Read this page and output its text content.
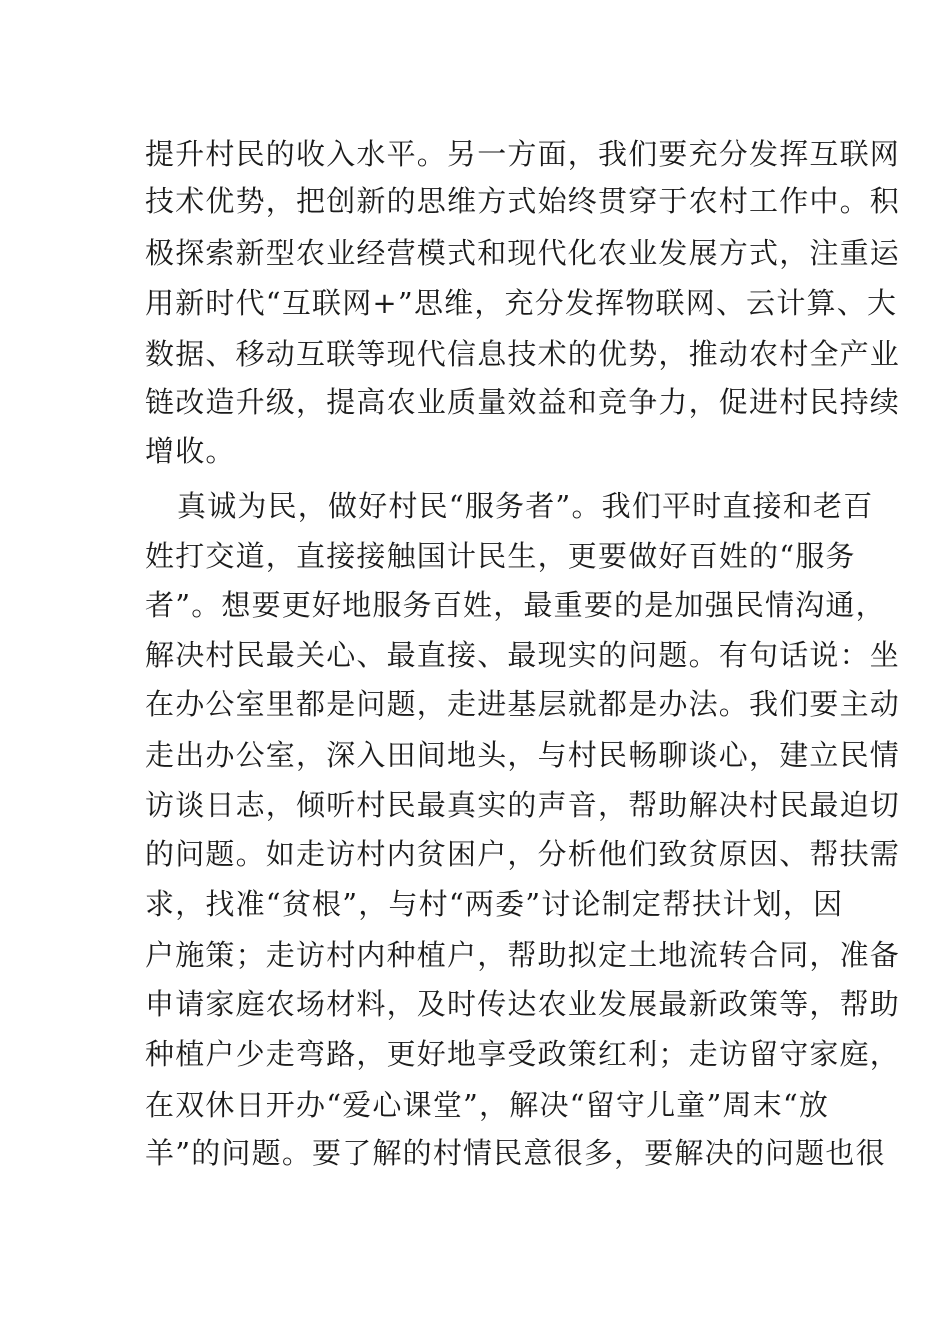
提升村民的收入水平。另一方面，我们要充分发挥互联网
技术优势，把创新的思维方式始终贯穿于农村工作中。积
极探索新型农业经营模式和现代化农业发展方式，注重运
用新时代“互联网+”思维，充分发挥物联网、云计算、大
数据、移动互联等现代信息技术的优势，推动农村全产业
链改造升级，提高农业质量效益和竞争力，促进村民持续
增收。
真诚为民，做好村民“服务者”。我们平时直接和老百
姓打交道，直接接触国计民生，更要做好百姓的“服务
者”。想要更好地服务百姓，最重要的是加强民情沟通，
解决村民最关心、最直接、最现实的问题。有句话说：坐
在办公室里都是问题，走进基层就都是办法。我们要主动
走出办公室，深入田间地头，与村民畅聊谈心，建立民情
访谈日志，倾听村民最真实的声音，帮助解决村民最迫切
的问题。如走访村内贫困户，分析他们致贫原因、帮扶需
求，找准“贫根”，与村“两委”讨论制定帮扶计划，因
户施策；走访村内种植户，帮助拟定土地流转合同，准备
申请家庭农场材料，及时传达农业发展最新政策等，帮助
种植户少走弯路，更好地享受政策红利；走访留守家庭，
在双休日开办“爱心课堂”，解决“留守儿童”周末“放
羊”的问题。要了解的村情民意很多，要解决的问题也很
